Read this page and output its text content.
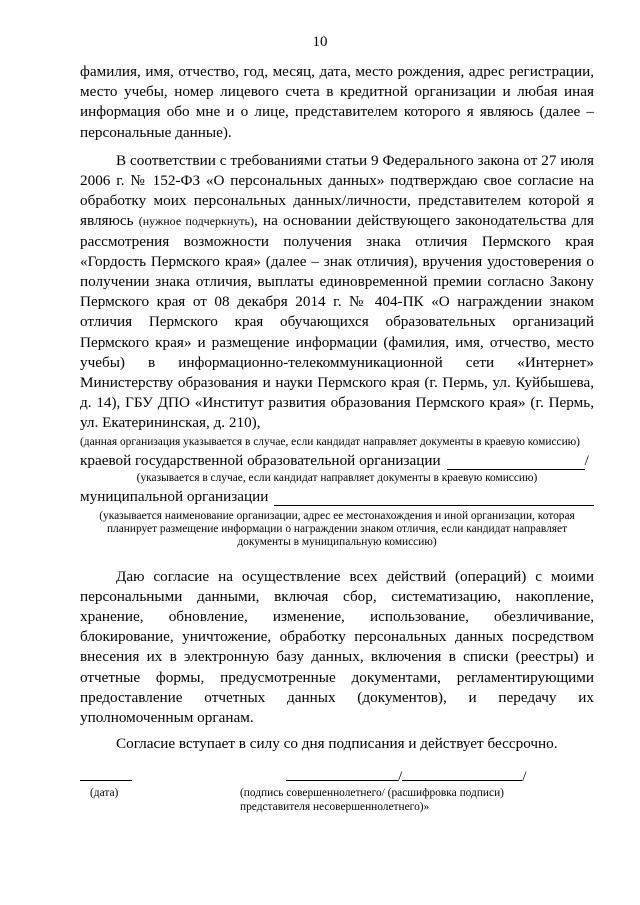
10

фамилия, имя, отчество, год, месяц, дата, место рождения, адрес регистрации, место учебы, номер лицевого счета в кредитной организации и любая иная информация обо мне и о лице, представителем которого я являюсь (далее – персональные данные).

В соответствии с требованиями статьи 9 Федерального закона от 27 июля 2006 г. № 152-ФЗ «О персональных данных» подтверждаю свое согласие на обработку моих персональных данных/личности, представителем которой я являюсь (нужное подчеркнуть), на основании действующего законодательства для рассмотрения возможности получения знака отличия Пермского края «Гордость Пермского края» (далее – знак отличия), вручения удостоверения о получении знака отличия, выплаты единовременной премии согласно Закону Пермского края от 08 декабря 2014 г. № 404-ПК «О награждении знаком отличия Пермского края обучающихся образовательных организаций Пермского края» и размещение информации (фамилия, имя, отчество, место учебы) в информационно-телекоммуникационной сети «Интернет» Министерству образования и науки Пермского края (г. Пермь, ул. Куйбышева, д. 14), ГБУ ДПО «Институт развития образования Пермского края» (г. Пермь, ул. Екатерининская, д. 210),

(данная организация указывается в случае, если кандидат направляет документы в краевую комиссию)

краевой государственной образовательной организации	/

(указывается в случае, если кандидат направляет документы в краевую комиссию)

муниципальной организации

(указывается наименование организации, адрес ее местонахождения и иной организации, которая планирует размещение информации о награждении знаком отличия, если кандидат направляет документы в муниципальную комиссию)

Даю согласие на осуществление всех действий (операций) с моими персональными данными, включая сбор, систематизацию, накопление, хранение, обновление, изменение, использование, обезличивание, блокирование, уничтожение, обработку персональных данных посредством внесения их в электронную базу данных, включения в списки (реестры) и отчетные формы, предусмотренные документами, регламентирующими предоставление отчетных данных (документов), и передачу их уполномоченным органам.

Согласие вступает в силу со дня подписания и действует бессрочно.

(дата)
/	/
(подпись совершеннолетнего/ (расшифровка подписи)
представителя несовершеннолетнего)»
